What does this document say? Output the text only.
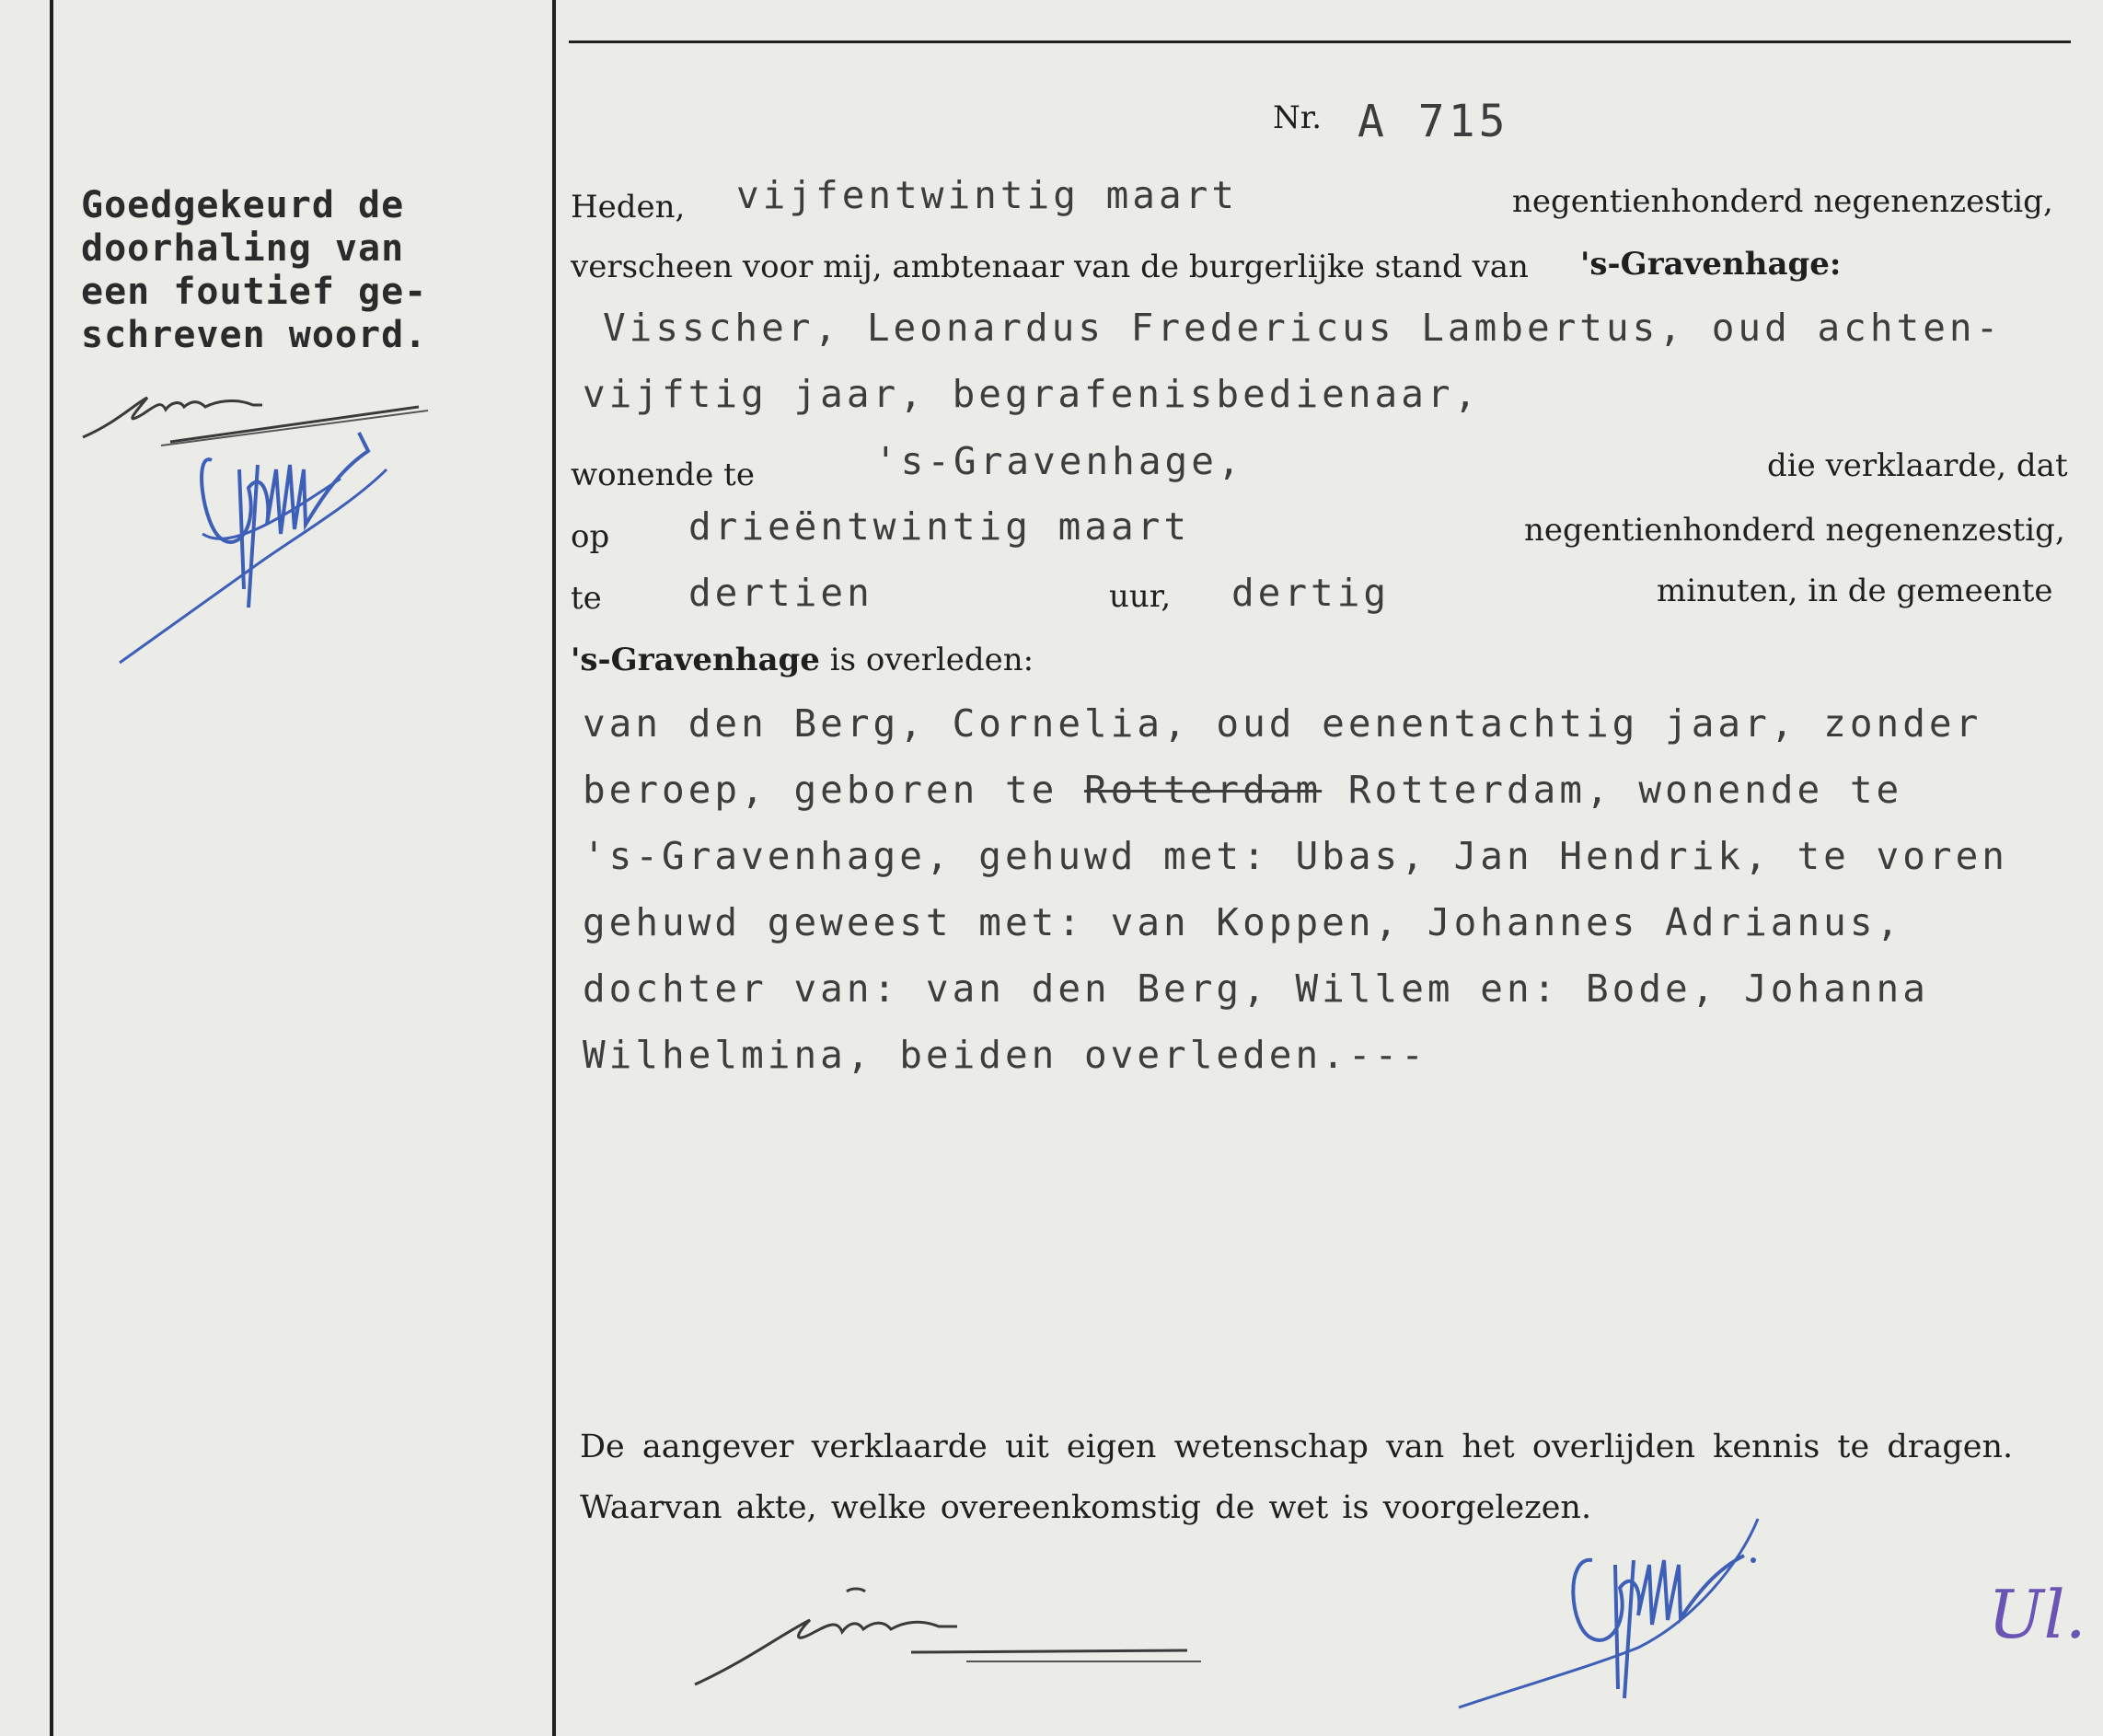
Goedgekeurd de
doorhaling van
een foutief ge-
schreven woord.
Nr. A 715
Heden, vijfentwintig maart	negentienhonderd negenenzestig,
verscheen voor mij, ambtenaar van de burgerlijke stand van 's-Gravenhage:
Visscher, Leonardus Fredericus Lambertus, oud achten-
vijftig jaar, begrafenisbedienaar,
wonende te	's-Gravenhage,	die verklaarde, dat
op drieëntwintig maart	negentienhonderd negenenzestig,
te dertien	uur, dertig	minuten, in de gemeente
's-Gravenhage is overleden:
van den Berg, Cornelia, oud eenentachtig jaar, zonder
beroep, geboren te Rotterdam Rotterdam, wonende te
's-Gravenhage, gehuwd met: Ubas, Jan Hendrik, te voren
gehuwd geweest met: van Koppen, Johannes Adrianus,
dochter van: van den Berg, Willem en: Bode, Johanna
Wilhelmina, beiden overleden.---
De aangever verklaarde uit eigen wetenschap van het overlijden kennis te dragen.
Waarvan akte, welke overeenkomstig de wet is voorgelezen.
Ul.
